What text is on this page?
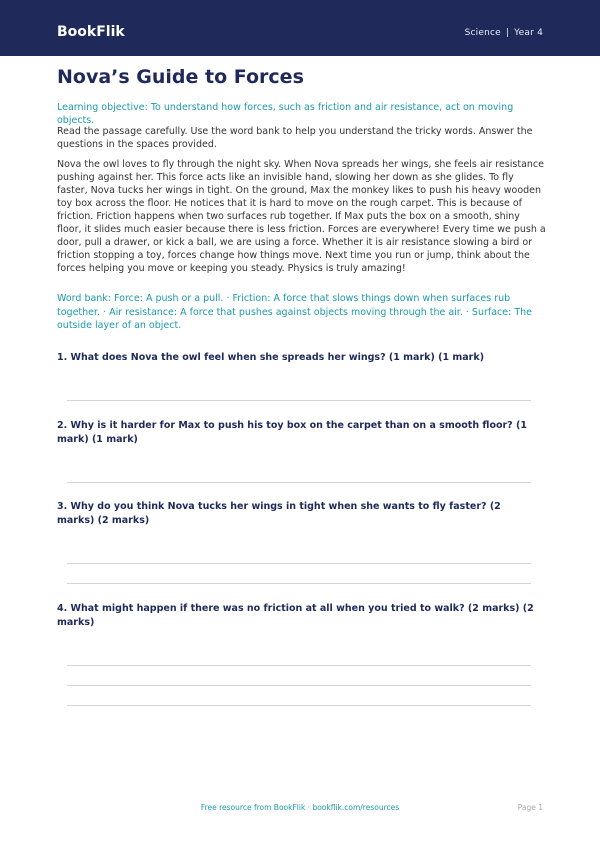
BookFlik	Science | Year 4
Nova’s Guide to Forces

Learning objective: To understand how forces, such as friction and air resistance, act on moving objects.

Read the passage carefully. Use the word bank to help you understand the tricky words. Answer the questions in the spaces provided.

Nova the owl loves to fly through the night sky. When Nova spreads her wings, she feels air resistance pushing against her. This force acts like an invisible hand, slowing her down as she glides. To fly faster, Nova tucks her wings in tight. On the ground, Max the monkey likes to push his heavy wooden toy box across the floor. He notices that it is hard to move on the rough carpet. This is because of friction. Friction happens when two surfaces rub together. If Max puts the box on a smooth, shiny floor, it slides much easier because there is less friction. Forces are everywhere! Every time we push a door, pull a drawer, or kick a ball, we are using a force. Whether it is air resistance slowing a bird or friction stopping a toy, forces change how things move. Next time you run or jump, think about the forces helping you move or keeping you steady. Physics is truly amazing!

Word bank: Force: A push or a pull. · Friction: A force that slows things down when surfaces rub together. · Air resistance: A force that pushes against objects moving through the air. · Surface: The outside layer of an object.

1. What does Nova the owl feel when she spreads her wings? (1 mark) (1 mark)
2. Why is it harder for Max to push his toy box on the carpet than on a smooth floor? (1 mark) (1 mark)
3. Why do you think Nova tucks her wings in tight when she wants to fly faster? (2 marks) (2 marks)
4. What might happen if there was no friction at all when you tried to walk? (2 marks) (2 marks)
Free resource from BookFlik · bookflik.com/resources	Page 1
